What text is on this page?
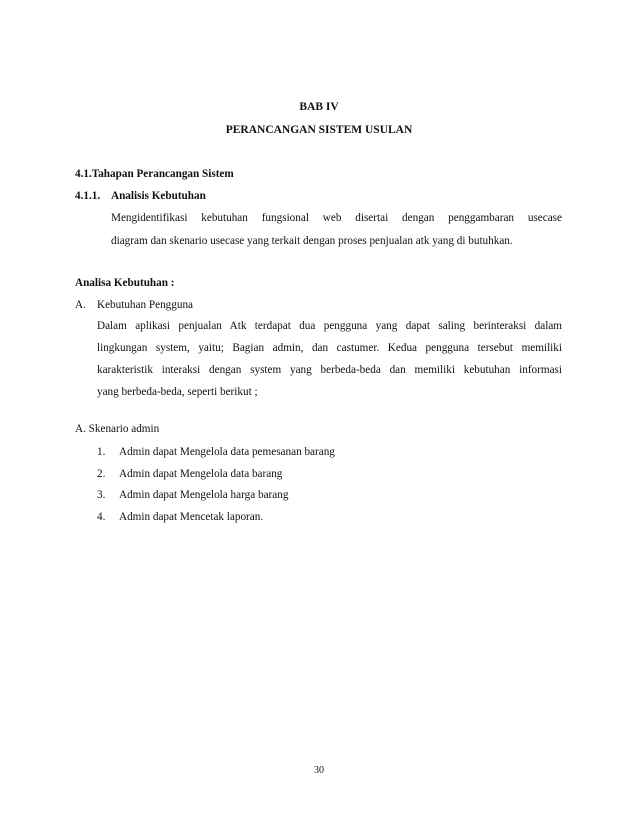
BAB IV
PERANCANGAN SISTEM USULAN
4.1.Tahapan Perancangan Sistem
4.1.1. Analisis Kebutuhan
Mengidentifikasi kebutuhan fungsional web disertai dengan penggambaran usecase
diagram dan skenario usecase yang terkait dengan proses penjualan atk yang di butuhkan.
Analisa Kebutuhan :
A. Kebutuhan Pengguna
Dalam aplikasi penjualan Atk terdapat dua pengguna yang dapat saling berinteraksi dalam
lingkungan system, yaitu; Bagian admin, dan castumer. Kedua pengguna tersebut memiliki
karakteristik interaksi dengan system yang berbeda-beda dan memiliki kebutuhan informasi
yang berbeda-beda, seperti berikut ;
A. Skenario admin
1. Admin dapat Mengelola data pemesanan barang
2. Admin dapat Mengelola data barang
3. Admin dapat Mengelola harga barang
4. Admin dapat Mencetak laporan.
30
